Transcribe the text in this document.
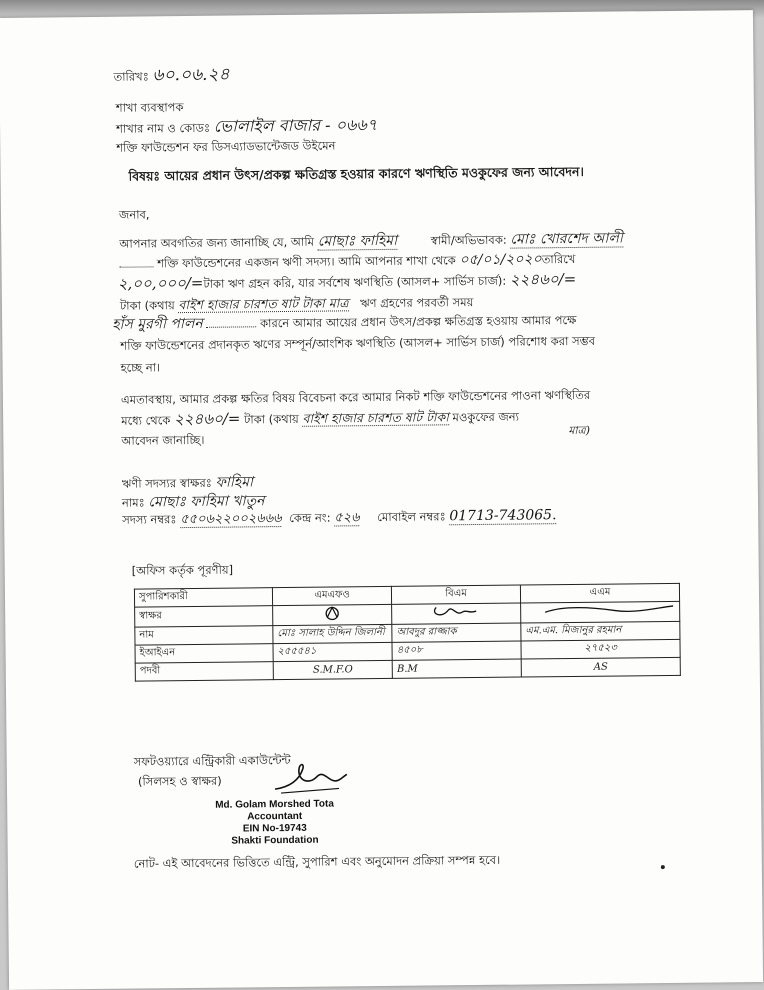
তারিখঃ ৬০.০৬.২৪
শাখা ব্যবস্থাপক
শাখার নাম ও কোডঃ ভোলাইল বাজার - ০৬৬৭
শক্তি ফাউন্ডেশন ফর ডিসএ্যাডভান্টেজড উইমেন
বিষয়ঃ আয়ের প্রধান উৎস/প্রকল্প ক্ষতিগ্রস্ত হওয়ার কারণে ঋণস্থিতি মওকুফের জন্য আবেদন।
জনাব,
আপনার অবগতির জন্য জানাচ্ছি যে, আমি মোছাঃ ফাহিমা	স্বামী/অভিভাবক: মোঃ খোরশেদ আলী
শক্তি ফাউন্ডেশনের একজন ঋণী সদস্য। আমি আপনার শাখা থেকে ০৫/০১/২০২০তারিখে
২,০০,০০০/=টাকা ঋণ গ্রহন করি, যার সর্বশেষ ঋণস্থিতি (আসল+ সার্ভিস চার্জ): ২২৪৬০/=
টাকা (কথায় বাইশ হাজার চারশত ষাট টাকা মাত্র ঋণ গ্রহণের পরবর্তী সময়
হাঁস মুরগী পালন	কারনে আমার আয়ের প্রধান উৎস/প্রকল্প ক্ষতিগ্রস্ত হওয়ায় আমার পক্ষে
শক্তি ফাউন্ডেশনের প্রদানকৃত ঋণের সম্পূর্ন/আংশিক ঋণস্থিতি (আসল+ সার্ভিস চার্জ) পরিশোধ করা সম্ভব
হচ্ছে না।
এমতাবস্থায়, আমার প্রকল্প ক্ষতির বিষয় বিবেচনা করে আমার নিকট শক্তি ফাউন্ডেশনের পাওনা ঋণস্থিতির
মধ্যে থেকে ২২৪৬০/= টাকা (কথায় বাইশ হাজার চারশত ষাট টাকা মওকুফের জন্য
মাত্র)
আবেদন জানাচ্ছি।
ঋণী সদস্যর স্বাক্ষরঃ ফাহিমা
নামঃ মোছাঃ ফাহিমা খাতুন
সদস্য নম্বরঃ ৫৫০৬২২০০২৬৬৬ কেন্দ্র নং: ৫২৬ মোবাইল নম্বরঃ 01713-743065.
[অফিস কর্তৃক পূরণীয়]
সুপারিশকারী	এমএফও	বিএম	এএম
স্বাক্ষর			
নাম	মোঃ সালাহ উদ্দিন জিলানী	আবদুর রাজ্জাক	এম.এম. মিজানুর রহমান
ইআইএন	২৫৫৫৪১	৪৫০৮	২৭৫২৩
পদবী	S.M.F.O	B.M	AS
সফটওয়্যারে এন্ট্রিকারী একাউন্টেন্ট
(সিলসহ ও স্বাক্ষর)
Md. Golam Morshed Tota
Accountant
EIN No-19743
Shakti Foundation
নোট- এই আবেদনের ভিত্তিতে এন্ট্রি, সুপারিশ এবং অনুমোদন প্রক্রিয়া সম্পন্ন হবে।
